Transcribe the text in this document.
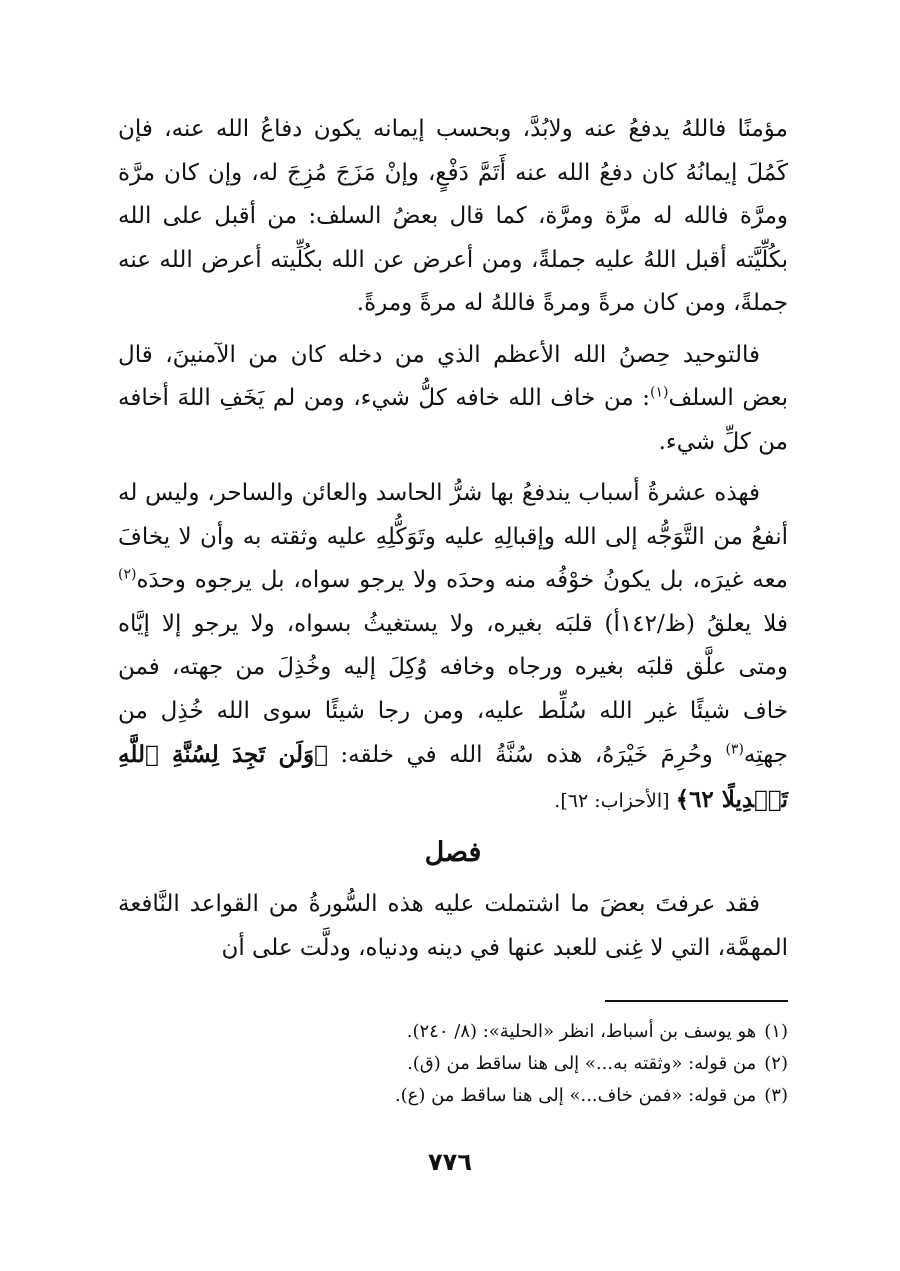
مؤمنًا فاللهُ يدفعُ عنه ولابُدَّ، وبحسب إيمانه يكون دفاعُ الله عنه، فإن كَمُلَ إيمانُهُ كان دفعُ الله عنه أَتَمَّ دَفْعٍ، وإنْ مَزَجَ مُزِجَ له، وإن كان مرَّة ومرَّة فالله له مرَّة ومرَّة، كما قال بعضُ السلف: من أقبل على الله بكُلِّيَّته أقبل اللهُ عليه جملةً، ومن أعرض عن الله بكُلِّيته أعرض الله عنه جملةً، ومن كان مرةً ومرةً فاللهُ له مرةً ومرةً.

فالتوحيد حِصنُ الله الأعظم الذي من دخله كان من الآمنينَ، قال بعض السلف$^{(١)}$: من خاف الله خافه كلُّ شيء، ومن لم يَخَفِ اللهَ أخافه من كلِّ شيء.

فهذه عشرةُ أسباب يندفعُ بها شرُّ الحاسد والعائن والساحر، وليس له أنفعُ من التَّوَجُّه إلى الله وإقبالِهِ عليه وتَوَكُّلِهِ عليه وثقته به وأن لا يخافَ معه غيرَه، بل يكونُ خوْفُه منه وحدَه ولا يرجو سواه، بل يرجوه وحدَه$^{(٢)}$ فلا يعلقُ (ظ/١٤٢أ) قلبَه بغيره، ولا يستغيثُ بسواه، ولا يرجو إلا إيَّاه ومتى علَّق قلبَه بغيره ورجاه وخافه وُكِلَ إليه وخُذِلَ من جهته، فمن خاف شيئًا غير الله سُلِّط عليه، ومن رجا شيئًا سوى الله خُذِل من جهتِه$^{(٣)}$ وحُرِمَ خَيْرَهُ، هذه سُنَّةُ الله في خلقه: ﴿وَلَن تَجِدَ لِسُنَّةِ ٱللَّهِ تَبۡدِيلًا ٦٢﴾ [الأحزاب: ٦٢].

فصل

فقد عرفتَ بعضَ ما اشتملت عليه هذه السُّورةُ من القواعد النَّافعة المهمَّة، التي لا غِنى للعبد عنها في دينه ودنياه، ودلَّت على أن

(١)هو يوسف بن أسباط، انظر «الحلية»: (٨/ ٢٤٠).
(٢)من قوله: «وثقته به...» إلى هنا ساقط من (ق).
(٣)من قوله: «فمن خاف...» إلى هنا ساقط من (ع).
٧٧٦
